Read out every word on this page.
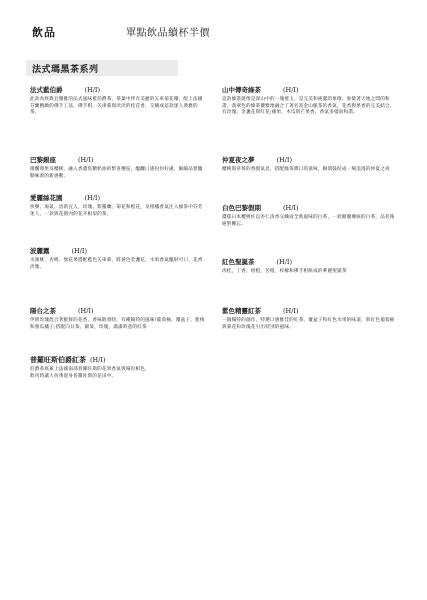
飲品	單點飲品續杯半價
法式瑪黑茶系列
法式藍伯爵	(H/I)
此款為經典且優雅的法式風味藍伯爵茶，茶葉中伴有美麗的矢車菊花瓣，配上法國芬蘭精緻的佛手工法，佛手柑、矢車菊與淡淡的桂花香，交織成這款迷人典雅的茶。
山中傳奇綠茶	(H/I)
這款綠茶就像是深山中的一塊璧玉，是完美和純潔的象徵，象徵著天地之間的和諧。翡翠色的綠茶優雅地融合了著名富金山脈茶的香氣，花香與果香的完美結合，有玫瑰、金盞花與紅花;蘋果、木瓜與芒果香，香氣多樣而和諧。
巴黎銀座	(H/I)
微醺莓果及櫻桃，融入香濃焦糖奶油的繁喜邂逅，醞釀口感份封好處，細細品嘗醞動味蕾的新感動。
仲夏夜之夢	(H/I)
櫻桃與草莓的香甜氣息，搭配綠茶潤口的滋味，瞬間鼓结成一場浪漫的仲夏之夜
愛麗絲花園	(H/I)
快樂、淘氣、清新宜人，玫瑰、紫羅蘭、菊花和橙花，及柑橘香氣注入綠茶中芬芳迷人，一款與花園內的花卉相似的茶。
白色巴黎假期	(H/I)
濃郁日本櫻桃佐以杏仁清香交織成全新風味的白茶，一款顛覆傳統的白茶，品茗後絕對難忘。
波麗露	(H/I)
水蜜桃、杏桃、無花果搭配藍色矢車菊，將黃色金盞花、水果香氣醞財可口，花香淡雅。
紅色聖誕茶	(H/I)
肉桂，丁香，柑橙，苦橙，梓檬和佛手柑組成的華麗聖誕茶
陽台之茶	(H/I)
伊朗玫瑰混合著鮮鮮的花香，香味散發時，有種獨特的風味!葡萄柚，覆盆子，藍梅和蜜瓜橘子;搭配向日葵、錦葵，玫瑰，滿滿時意的紅茶
紫色精靈紅茶	(H/I)
一個獨特的創作，特選口感雅佳的紅茶，覆盆子和紅色水果的味道，與紅色葡萄柚與菊花和玫瑰花引出特別的風味。
普羅旺斯伯爵紅茶 (H/I)
伯爵茶底兼上法國南部普羅旺斯的花果香氣與場份相色，飲用時讓人彷彿置身普羅旺斯的花田中。
